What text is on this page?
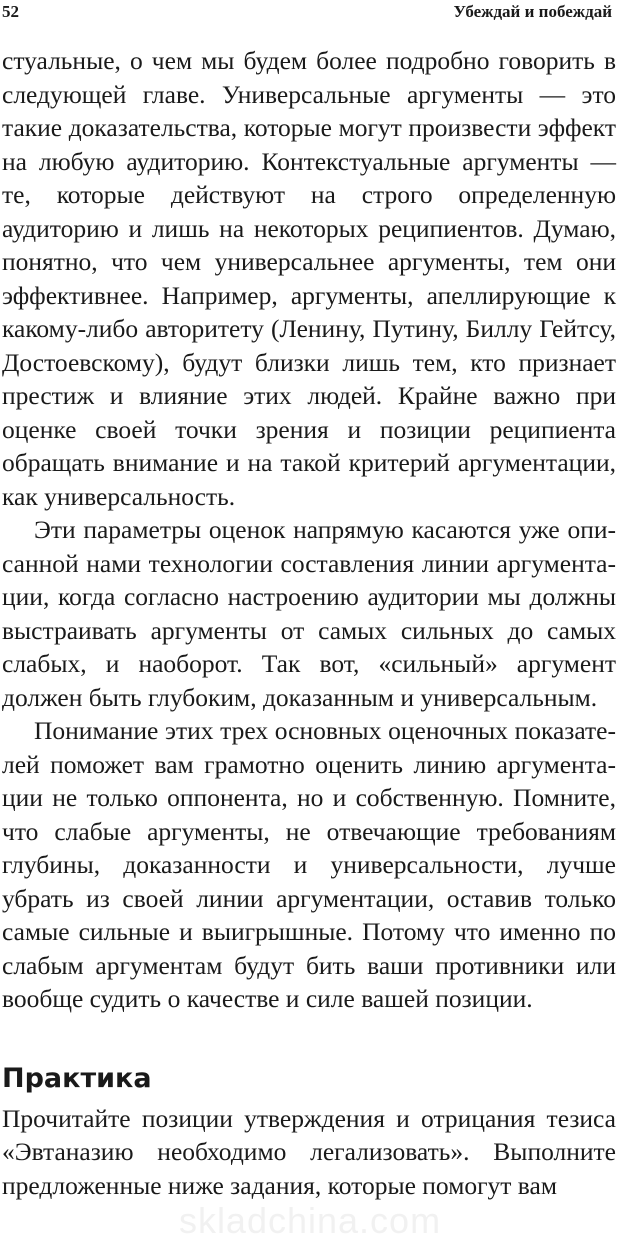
52	Убеждай и побеждай

стуальные, о чем мы будем более подробно говорить в следующей главе. Универсальные аргументы — это такие доказательства, которые могут произвести эффект на любую аудиторию. Контекстуальные аргументы — те, которые действуют на строго определенную аудиторию и лишь на некоторых реципиентов. Думаю, понятно, что чем универсальнее аргументы, тем они эффективнее. Например, аргументы, апеллирующие к какому-либо авторитету (Ленину, Путину, Биллу Гейтсу, Достоевскому), будут близки лишь тем, кто признает престиж и влияние этих людей. Крайне важно при оценке своей точки зрения и позиции реципиента обращать внимание и на такой критерий аргументации, как универсальность.

Эти параметры оценок напрямую касаются уже описанной нами технологии составления линии аргументации, когда согласно настроению аудитории мы должны выстраивать аргументы от самых сильных до самых слабых, и наоборот. Так вот, «сильный» аргумент должен быть глубоким, доказанным и универсальным.

Понимание этих трех основных оценочных показателей поможет вам грамотно оценить линию аргументации не только оппонента, но и собственную. Помните, что слабые аргументы, не отвечающие требованиям глубины, доказанности и универсальности, лучше убрать из своей линии аргументации, оставив только самые сильные и выигрышные. Потому что именно по слабым аргументам будут бить ваши противники или вообще судить о качестве и силе вашей позиции.

Практика

Прочитайте позиции утверждения и отрицания тезиса «Эвтаназию необходимо легализовать». Выполните предложенные ниже задания, которые помогут вам

skladchina.com
